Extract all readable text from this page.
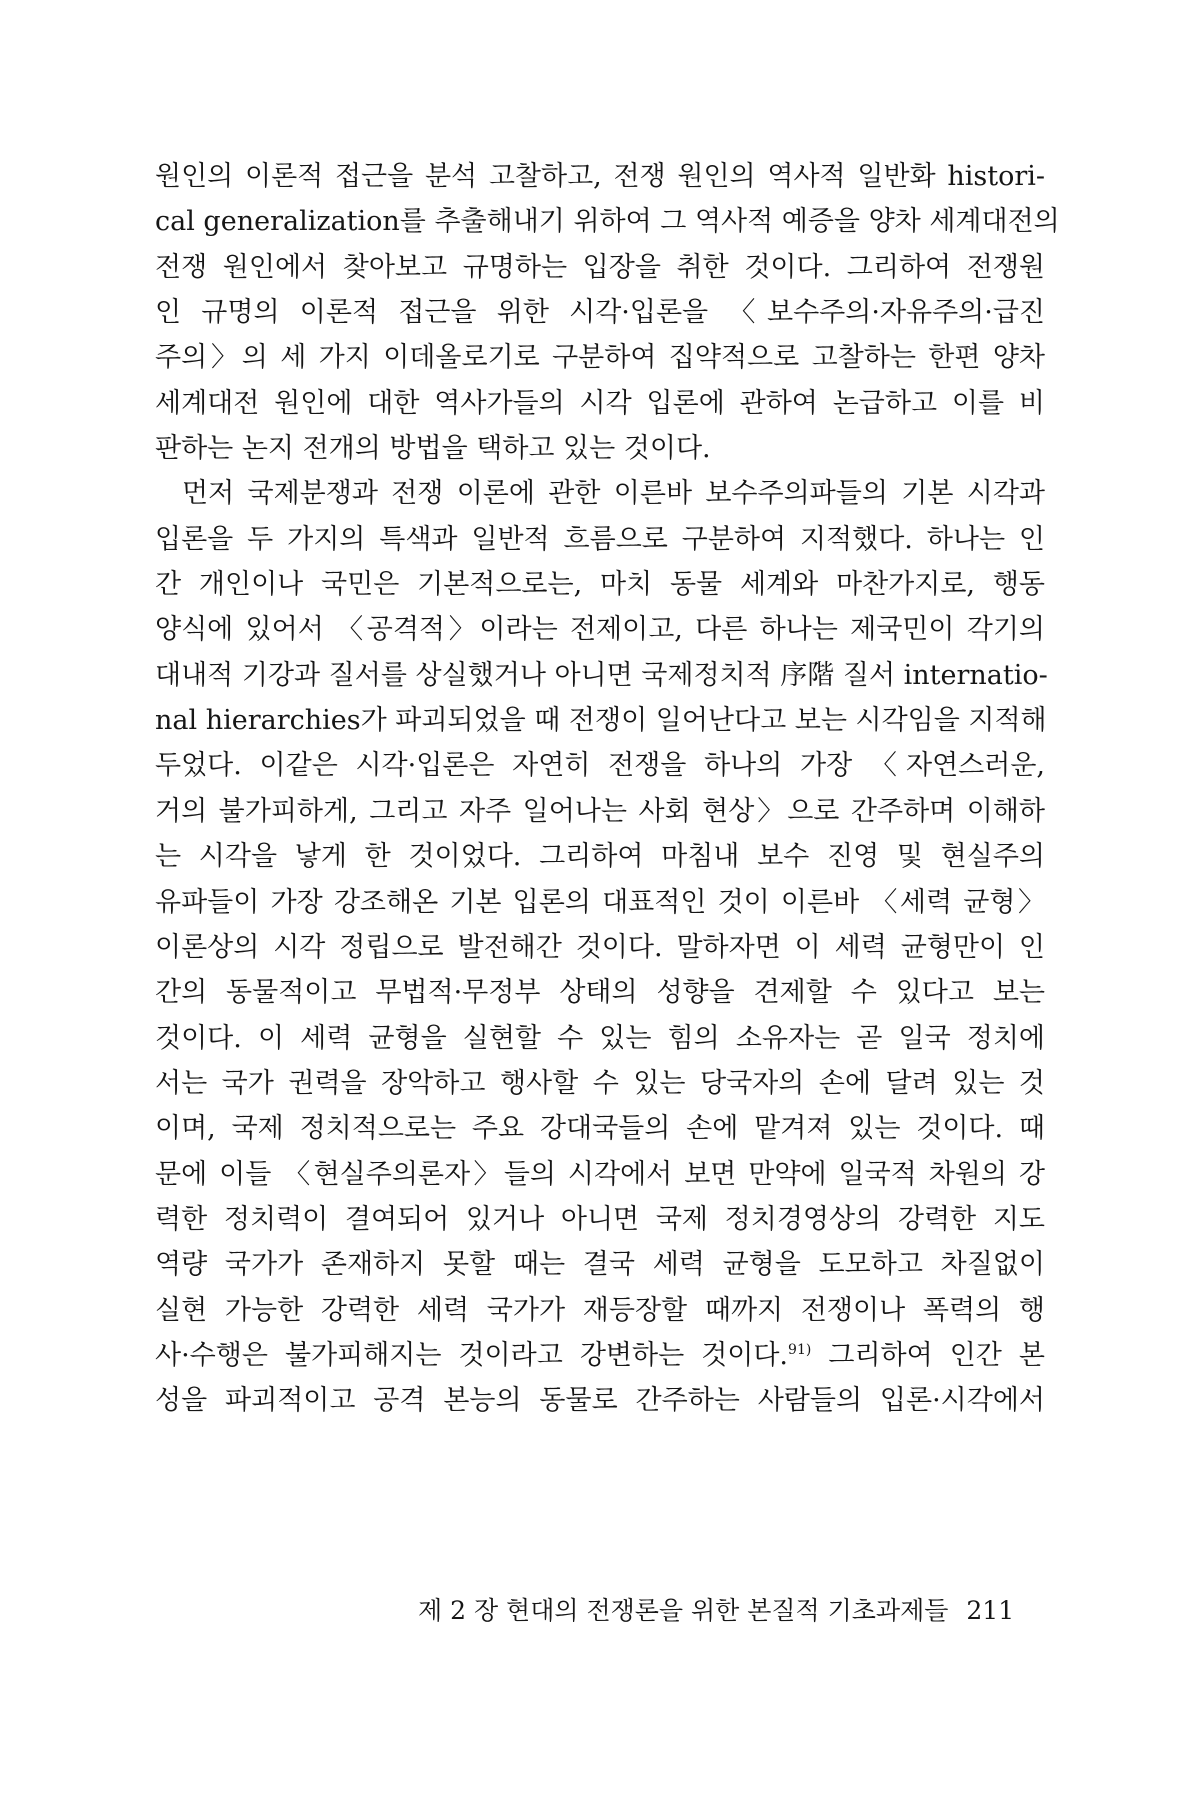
원인의 이론적 접근을 분석 고찰하고, 전쟁 원인의 역사적 일반화 histori-
cal generalization를 추출해내기 위하여 그 역사적 예증을 양차 세계대전의
전쟁 원인에서 찾아보고 규명하는 입장을 취한 것이다. 그리하여 전쟁원
인 규명의 이론적 접근을 위한 시각·입론을 〈보수주의·자유주의·급진
주의〉의 세 가지 이데올로기로 구분하여 집약적으로 고찰하는 한편 양차
세계대전 원인에 대한 역사가들의 시각 입론에 관하여 논급하고 이를 비
판하는 논지 전개의 방법을 택하고 있는 것이다.
먼저 국제분쟁과 전쟁 이론에 관한 이른바 보수주의파들의 기본 시각과
입론을 두 가지의 특색과 일반적 흐름으로 구분하여 지적했다. 하나는 인
간 개인이나 국민은 기본적으로는, 마치 동물 세계와 마찬가지로, 행동
양식에 있어서 〈공격적〉이라는 전제이고, 다른 하나는 제국민이 각기의
대내적 기강과 질서를 상실했거나 아니면 국제정치적 序階 질서 internatio-
nal hierarchies가 파괴되었을 때 전쟁이 일어난다고 보는 시각임을 지적해
두었다. 이같은 시각·입론은 자연히 전쟁을 하나의 가장 〈자연스러운,
거의 불가피하게, 그리고 자주 일어나는 사회 현상〉으로 간주하며 이해하
는 시각을 낳게 한 것이었다. 그리하여 마침내 보수 진영 및 현실주의
유파들이 가장 강조해온 기본 입론의 대표적인 것이 이른바 〈세력 균형〉
이론상의 시각 정립으로 발전해간 것이다. 말하자면 이 세력 균형만이 인
간의 동물적이고 무법적·무정부 상태의 성향을 견제할 수 있다고 보는
것이다. 이 세력 균형을 실현할 수 있는 힘의 소유자는 곧 일국 정치에
서는 국가 권력을 장악하고 행사할 수 있는 당국자의 손에 달려 있는 것
이며, 국제 정치적으로는 주요 강대국들의 손에 맡겨져 있는 것이다. 때
문에 이들 〈현실주의론자〉들의 시각에서 보면 만약에 일국적 차원의 강
력한 정치력이 결여되어 있거나 아니면 국제 정치경영상의 강력한 지도
역량 국가가 존재하지 못할 때는 결국 세력 균형을 도모하고 차질없이
실현 가능한 강력한 세력 국가가 재등장할 때까지 전쟁이나 폭력의 행
사·수행은 불가피해지는 것이라고 강변하는 것이다.$^{91)}$ 그리하여 인간 본
성을 파괴적이고 공격 본능의 동물로 간주하는 사람들의 입론·시각에서
제 2 장 현대의 전쟁론을 위한 본질적 기초과제들 211
